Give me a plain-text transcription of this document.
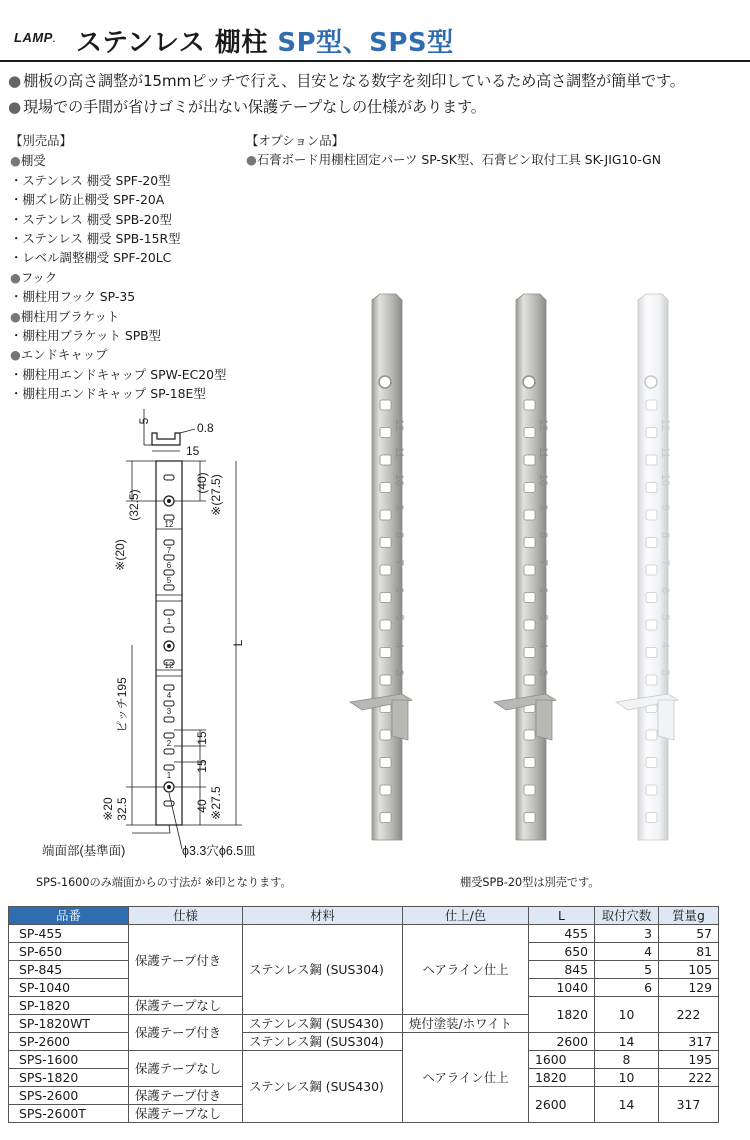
LAMP. ステンレス 棚柱 SP型、SPS型
● 棚板の高さ調整が15mmピッチで行え、目安となる数字を刻印しているため高さ調整が簡単です。
● 現場での手間が省けゴミが出ない保護テープなしの仕様があります。
【別売品】
●棚受
・ステンレス 棚受 SPF-20型
・棚ズレ防止棚受 SPF-20A
・ステンレス 棚受 SPB-20型
・ステンレス 棚受 SPB-15R型
・レベル調整棚受 SPF-20LC
●フック
・棚柱用フック SP-35
●棚柱用ブラケット
・棚柱用ブラケット SPB型
●エンドキャップ
・棚柱用エンドキャップ SPW-EC20型
・棚柱用エンドキャップ SP-18E型
【オプション品】
●石膏ボード用棚柱固定パーツ SP-SK型、石膏ピン取付工具 SK-JIG10-GN
5	0.8
15
12
7
6
5
1
12
4
3
2
1
(32.5)
※(20)
ピッチ195
32.5
※20
(40) ※(27.5)
L
15
15
40 ※27.5
端面部(基準面)	ϕ3.3穴ϕ6.5皿
12
11
10
9
8
7
6
5
4
3
12
11
10
9
8
7
6
5
4
3
12
11
10
9
8
7
6
5
4
3
SPS-1600のみ端面からの寸法が ※印となります。	棚受SPB-20型は別売です。
品番	仕様	材料	仕上/色	L	取付穴数	質量g
SP-455	保護テープ付き	ステンレス鋼 (SUS304)	ヘアライン仕上	455	3	57
SP-650				650	4	81
SP-845				845	5	105
SP-1040				1040	6	129
SP-1820	保護テープなし			1820	10	222
SP-1820WT	保護テープ付き	ステンレス鋼 (SUS430)	焼付塗装/ホワイト			
SP-2600		ステンレス鋼 (SUS304)	ヘアライン仕上	2600	14	317
SPS-1600	保護テープなし	ステンレス鋼 (SUS430)		1600	8	195
SPS-1820				1820	10	222
SPS-2600	保護テープ付き			2600	14	317
SPS-2600T	保護テープなし					
